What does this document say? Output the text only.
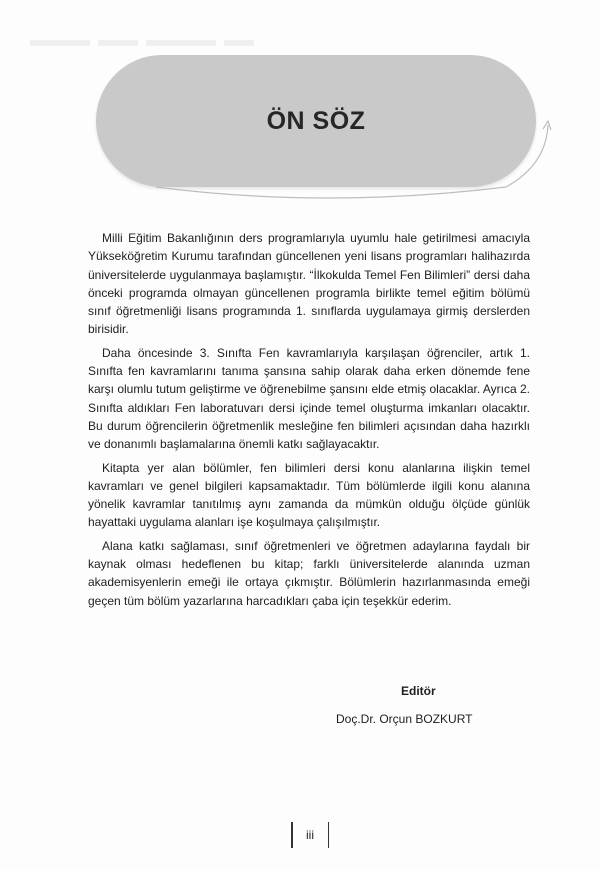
ÖN SÖZ

Milli Eğitim Bakanlığının ders programlarıyla uyumlu hale getirilmesi amacıyla Yükseköğretim Kurumu tarafından güncellenen yeni lisans programları halihazırda üniversitelerde uygulanmaya başlamıştır. “İlkokulda Temel Fen Bilimleri” dersi daha önceki programda olmayan güncellenen programla birlikte temel eğitim bölümü sınıf öğretmenliği lisans programında 1. sınıflarda uygulamaya girmiş derslerden birisidir.

Daha öncesinde 3. Sınıfta Fen kavramlarıyla karşılaşan öğrenciler, artık 1. Sınıfta fen kavramlarını tanıma şansına sahip olarak daha erken dönemde fene karşı olumlu tutum geliştirme ve öğrenebilme şansını elde etmiş olacaklar. Ayrıca 2. Sınıfta aldıkları Fen laboratuvarı dersi içinde temel oluşturma imkanları olacaktır. Bu durum öğrencilerin öğretmenlik mesleğine fen bilimleri açısından daha hazırklı ve donanımlı başlamalarına önemli katkı sağlayacaktır.

Kitapta yer alan bölümler, fen bilimleri dersi konu alanlarına ilişkin temel kavramları ve genel bilgileri kapsamaktadır. Tüm bölümlerde ilgili konu alanına yönelik kavramlar tanıtılmış aynı zamanda da mümkün olduğu ölçüde günlük hayattaki uygulama alanları işe koşulmaya çalışılmıştır.

Alana katkı sağlaması, sınıf öğretmenleri ve öğretmen adaylarına faydalı bir kaynak olması hedeflenen bu kitap; farklı üniversitelerde alanında uzman akademisyenlerin emeği ile ortaya çıkmıştır. Bölümlerin hazırlanmasında emeği geçen tüm bölüm yazarlarına harcadıkları çaba için teşekkür ederim.

Editör
Doç.Dr. Orçun BOZKURT
iii
